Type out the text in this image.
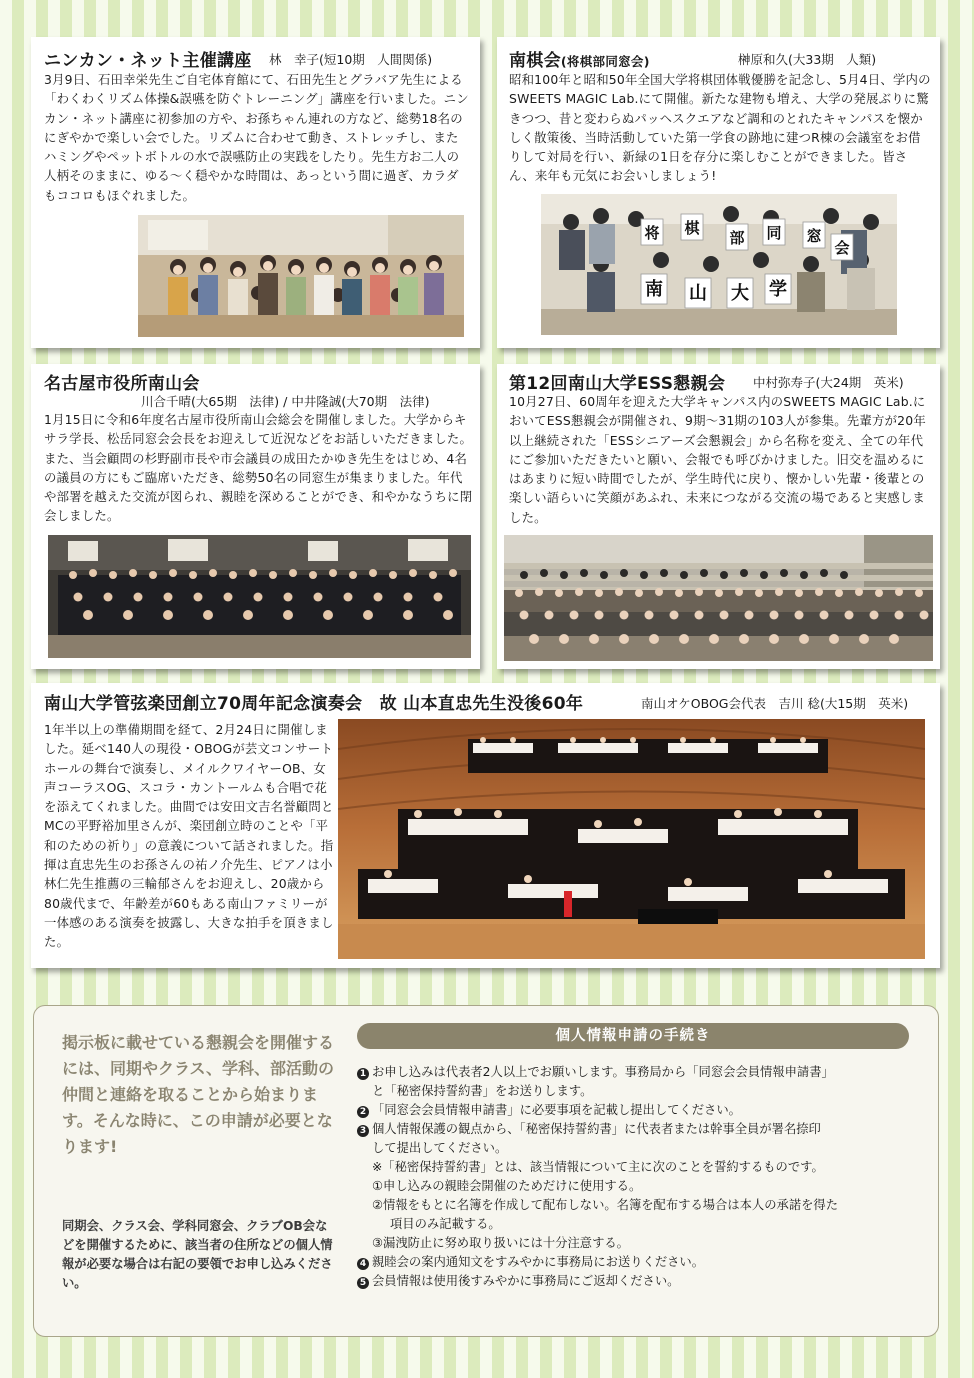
ニンカン・ネット主催講座 林　幸子(短10期　人間関係)
3月9日、石田幸栄先生ご自宅体育館にて、石田先生とグラバア先生による「わくわくリズム体操&誤嚥を防ぐトレーニング」講座を行いました。ニンカン・ネット講座に初参加の方や、お孫ちゃん連れの方など、総勢18名のにぎやかで楽しい会でした。リズムに合わせて動き、ストレッチし、またハミングやペットボトルの水で誤嚥防止の実践をしたり。先生方お二人の人柄そのままに、ゆる～く穏やかな時間は、あっという間に過ぎ、カラダもココロもほぐれました。
南棋会(将棋部同窓会)	榊原和久(大33期　人類)
昭和100年と昭和50年全国大学将棋団体戦優勝を記念し、5月4日、学内のSWEETS MAGIC Lab.にて開催。新たな建物も増え、大学の発展ぶりに驚きつつ、昔と変わらぬパッヘスクエアなど調和のとれたキャンパスを懐かしく散策後、当時活動していた第一学食の跡地に建つR棟の会議室をお借りして対局を行い、新緑の1日を存分に楽しむことができました。皆さん、来年も元気にお会いしましょう!
将 棋
部 同 窓
会
南 山 大 学
名古屋市役所南山会
川合千晴(大65期　法律) / 中井隆誠(大70期　法律)
1月15日に令和6年度名古屋市役所南山会総会を開催しました。大学からキサラ学長、松岳同窓会会長をお迎えして近況などをお話しいただきました。また、当会顧問の杉野副市長や市会議員の成田たかゆき先生をはじめ、4名の議員の方にもご臨席いただき、総勢50名の同窓生が集まりました。年代や部署を越えた交流が図られ、親睦を深めることができ、和やかなうちに閉会しました。
第12回南山大学ESS懇親会 中村弥寿子(大24期　英米)
10月27日、60周年を迎えた大学キャンパス内のSWEETS MAGIC Lab.においてESS懇親会が開催され、9期～31期の103人が参集。先輩方が20年以上継続された「ESSシニアーズ会懇親会」から名称を変え、全ての年代にご参加いただきたいと願い、会報でも呼びかけました。旧交を温めるにはあまりに短い時間でしたが、学生時代に戻り、懐かしい先輩・後輩との楽しい語らいに笑顔があふれ、未来につながる交流の場であると実感しました。
南山大学管弦楽団創立70周年記念演奏会　故 山本直忠先生没後60年	南山オケOBOG会代表　吉川 稔(大15期　英米)
1年半以上の準備期間を経て、2月24日に開催しました。延べ140人の現役・OBOGが芸文コンサートホールの舞台で演奏し、メイルクワイヤーOB、女声コーラスOG、スコラ・カントールムも合唱で花を添えてくれました。曲間では安田文吉名誉顧問とMCの平野裕加里さんが、楽団創立時のことや「平和のための祈り」の意義について話されました。指揮は直忠先生のお孫さんの祐ノ介先生、ピアノは小林仁先生推薦の三輪郁さんをお迎えし、20歳から80歳代まで、年齢差が60もある南山ファミリーが一体感のある演奏を披露し、大きな拍手を頂きました。
掲示板に載せている懇親会を開催するには、同期やクラス、学科、部活動の仲間と連絡を取ることから始まります。そんな時に、この申請が必要となります!
同期会、クラス会、学科同窓会、クラブOB会などを開催するために、該当者の住所などの個人情報が必要な場合は右記の要領でお申し込みください。
個人情報申請の手続き
1 お申し込みは代表者2人以上でお願いします。事務局から「同窓会会員情報申請書」
と「秘密保持誓約書」をお送りします。
2 「同窓会会員情報申請書」に必要事項を記載し提出してください。
3 個人情報保護の観点から、「秘密保持誓約書」に代表者または幹事全員が署名捺印
して提出してください。
※「秘密保持誓約書」とは、該当情報について主に次のことを誓約するものです。
①申し込みの親睦会開催のためだけに使用する。
②情報をもとに名簿を作成して配布しない。名簿を配布する場合は本人の承諾を得た
項目のみ記載する。
③漏洩防止に努め取り扱いには十分注意する。
4 親睦会の案内通知文をすみやかに事務局にお送りください。
5 会員情報は使用後すみやかに事務局にご返却ください。
